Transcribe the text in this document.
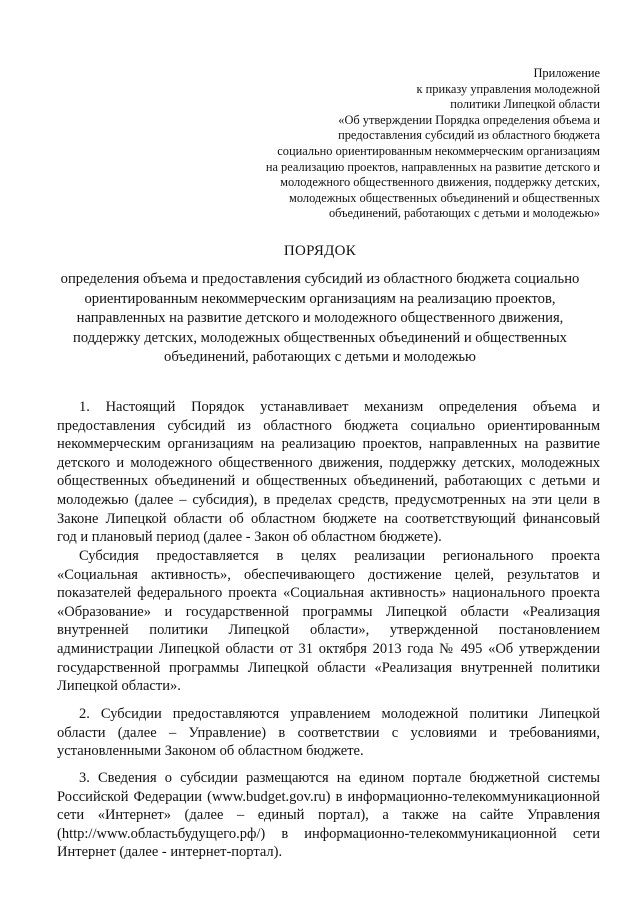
Приложение
к приказу управления молодежной
политики Липецкой области
«Об утверждении Порядка определения объема и
предоставления субсидий из областного бюджета
социально ориентированным некоммерческим организациям
на реализацию проектов, направленных на развитие детского и
молодежного общественного движения, поддержку детских,
молодежных общественных объединений и общественных
объединений, работающих с детьми и молодежью»
ПОРЯДОК
определения объема и предоставления субсидий из областного бюджета социально
ориентированным некоммерческим организациям на реализацию проектов,
направленных на развитие детского и молодежного общественного движения,
поддержку детских, молодежных общественных объединений и общественных
объединений, работающих с детьми и молодежью
1. Настоящий Порядок устанавливает механизм определения объема и
предоставления субсидий из областного бюджета социально ориентированным
некоммерческим организациям на реализацию проектов, направленных на развитие
детского и молодежного общественного движения, поддержку детских, молодежных
общественных объединений и общественных объединений, работающих с детьми и
молодежью (далее – субсидия), в пределах средств, предусмотренных на эти цели в
Законе Липецкой области об областном бюджете на соответствующий финансовый
год и плановый период (далее - Закон об областном бюджете).
Субсидия предоставляется в целях реализации регионального проекта
«Социальная активность», обеспечивающего достижение целей, результатов и
показателей федерального проекта «Социальная активность» национального проекта
«Образование» и государственной программы Липецкой области «Реализация
внутренней политики Липецкой области», утвержденной постановлением
администрации Липецкой области от 31 октября 2013 года № 495 «Об утверждении
государственной программы Липецкой области «Реализация внутренней политики
Липецкой области».
2. Субсидии предоставляются управлением молодежной политики Липецкой
области (далее – Управление) в соответствии с условиями и требованиями,
установленными Законом об областном бюджете.
3. Сведения о субсидии размещаются на едином портале бюджетной системы
Российской Федерации (www.budget.gov.ru) в информационно-телекоммуникационной
сети «Интернет» (далее – единый портал), а также на сайте Управления
(http://www.областьбудущего.рф/) в информационно-телекоммуникационной сети
Интернет (далее - интернет-портал).
